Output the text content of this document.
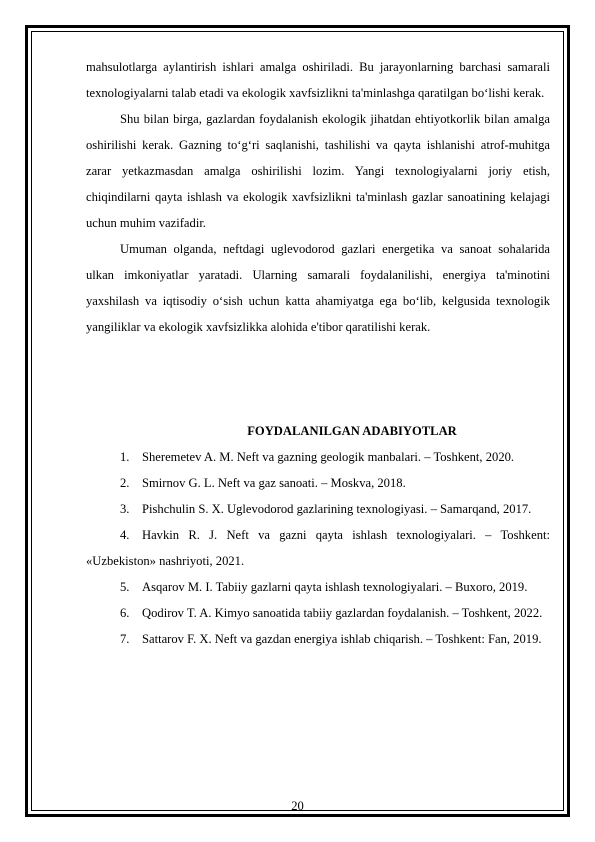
mahsulotlarga aylantirish ishlari amalga oshiriladi. Bu jarayonlarning barchasi samarali texnologiyalarni talab etadi va ekologik xavfsizlikni ta'minlashga qaratilgan bo‘lishi kerak.

Shu bilan birga, gazlardan foydalanish ekologik jihatdan ehtiyotkorlik bilan amalga oshirilishi kerak. Gazning to‘g‘ri saqlanishi, tashilishi va qayta ishlanishi atrof-muhitga zarar yetkazmasdan amalga oshirilishi lozim. Yangi texnologiyalarni joriy etish, chiqindilarni qayta ishlash va ekologik xavfsizlikni ta'minlash gazlar sanoatining kelajagi uchun muhim vazifadir.

Umuman olganda, neftdagi uglevodorod gazlari energetika va sanoat sohalarida ulkan imkoniyatlar yaratadi. Ularning samarali foydalanilishi, energiya ta'minotini yaxshilash va iqtisodiy o‘sish uchun katta ahamiyatga ega bo‘lib, kelgusida texnologik yangiliklar va ekologik xavfsizlikka alohida e'tibor qaratilishi kerak.

FOYDALANILGAN ADABIYOTLAR

1. Sheremetev A. M. Neft va gazning geologik manbalari. – Toshkent, 2020.

2. Smirnov G. L. Neft va gaz sanoati. – Moskva, 2018.

3. Pishchulin S. X. Uglevodorod gazlarining texnologiyasi. – Samarqand, 2017.

4. Havkin R. J. Neft va gazni qayta ishlash texnologiyalari. – Toshkent: «Uzbekiston» nashriyoti, 2021.

5. Asqarov M. I. Tabiiy gazlarni qayta ishlash texnologiyalari. – Buxoro, 2019.

6. Qodirov T. A. Kimyo sanoatida tabiiy gazlardan foydalanish. – Toshkent, 2022.

7. Sattarov F. X. Neft va gazdan energiya ishlab chiqarish. – Toshkent: Fan, 2019.

20
